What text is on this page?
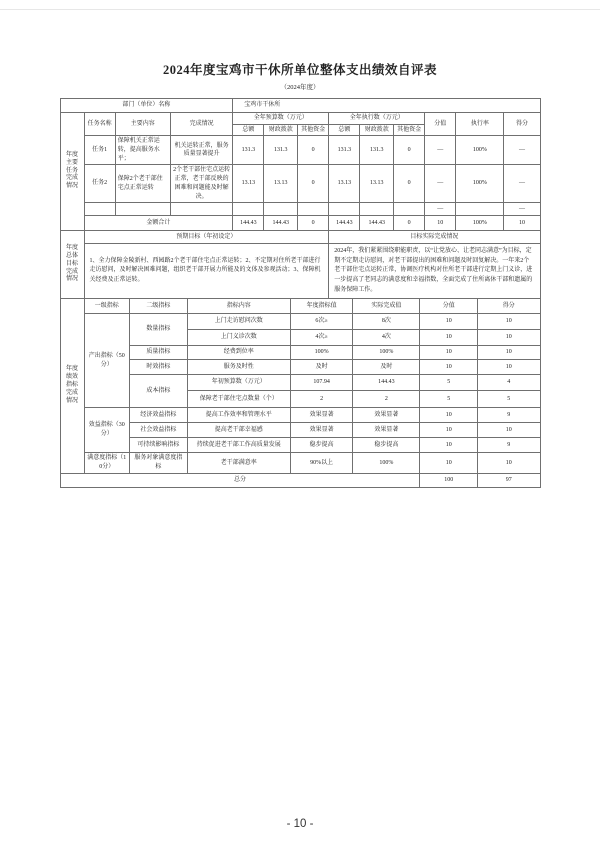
2024年度宝鸡市干休所单位整体支出绩效自评表
（2024年度）
部门（单位）名称				宝鸡市干休所								

年度主要任务完成情况	任务名称	主要内容	完成情况	全年预算数（万元）			全年执行数（万元）			分值	执行率	得分
				总额	财政拨款	其他资金	总额	财政拨款	其他资金			
	任务1	保障机关正常运转，提高服务水平；	机关运转正常，服务质量显著提升	131.3	131.3	0	131.3	131.3	0	—	100%	—
	任务2	保障2个老干部住宅点正常运转	2个老干部住宅点运转正常，老干部反映的困难和问题能及时解决。	13.13	13.13	0	13.13	13.13	0	—	100%	—
										—		—
	金额合计			144.43	144.43	0	144.43	144.43	0	10	100%	10
年度总体目标完成情况	预期目标（年初设定）	目标实际完成情况
	1、全力保障金陵新村、西园路2个老干部住宅点正常运转；2、不定期对住所老干部进行走访慰问，及时解决困难问题，组织老干部开展力所能及的文体及参观活动；3、保障机关经费及正常运转。	2024年，我们紧紧围绕职能职责，以“让党放心、让老同志满意”为目标，定期不定期走访慰问，对老干部提出的困难和问题及时回复解决。一年来2个老干部住宅点运转正常，协调医疗机构对住所老干部进行定期上门义诊，进一步提高了老同志的满意度和幸福指数，全面完成了住所离休干部和遗属的服务保障工作。
年度绩效指标完成情况	一级指标	二级指标	指标内容	年度指标值	实际完成值	分值	得分
	产出指标（50分）	数量指标	上门走访慰问次数	6次≥	8次	10	10
			上门义诊次数	4次≥	4次	10	10
		质量指标	经费到位率	100%	100%	10	10
		时效指标	服务及时性	及时	及时	10	10
		成本指标	年初预算数（万元）	107.94	144.43	5	4
			保障老干部住宅点数量（个）	2	2	5	5
	效益指标（30分）	经济效益指标	提高工作效率和管理水平	效果显著	效果显著	10	9
		社会效益指标	提高老干部幸福感	效果显著	效果显著	10	10
		可持续影响指标	持续促进老干部工作高质量发展	稳步提高	稳步提高	10	9
	满意度指标（10分）	服务对象满意度指标	老干部满意率	90%以上	100%	10	10
总分						100	97
- 10 -
